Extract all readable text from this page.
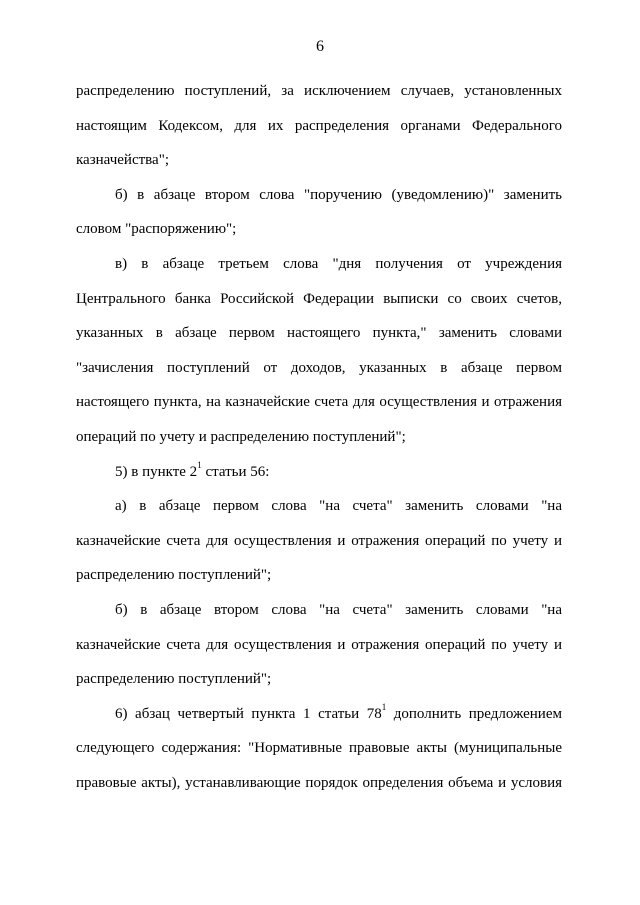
6
распределению поступлений, за исключением случаев, установленных
настоящим Кодексом, для их распределения органами Федерального
казначейства";
б) в абзаце втором слова "поручению (уведомлению)" заменить
словом "распоряжению";
в) в абзаце третьем слова "дня получения от учреждения
Центрального банка Российской Федерации выписки со своих счетов,
указанных в абзаце первом настоящего пункта," заменить словами
"зачисления поступлений от доходов, указанных в абзаце первом
настоящего пункта, на казначейские счета для осуществления и отражения
операций по учету и распределению поступлений";
5) в пункте $2^1$ статьи 56:
а) в абзаце первом слова "на счета" заменить словами "на
казначейские счета для осуществления и отражения операций по учету и
распределению поступлений";
б) в абзаце втором слова "на счета" заменить словами "на
казначейские счета для осуществления и отражения операций по учету и
распределению поступлений";
6) абзац четвертый пункта 1 статьи $78^1$ дополнить предложением
следующего содержания: "Нормативные правовые акты (муниципальные
правовые акты), устанавливающие порядок определения объема и условия
